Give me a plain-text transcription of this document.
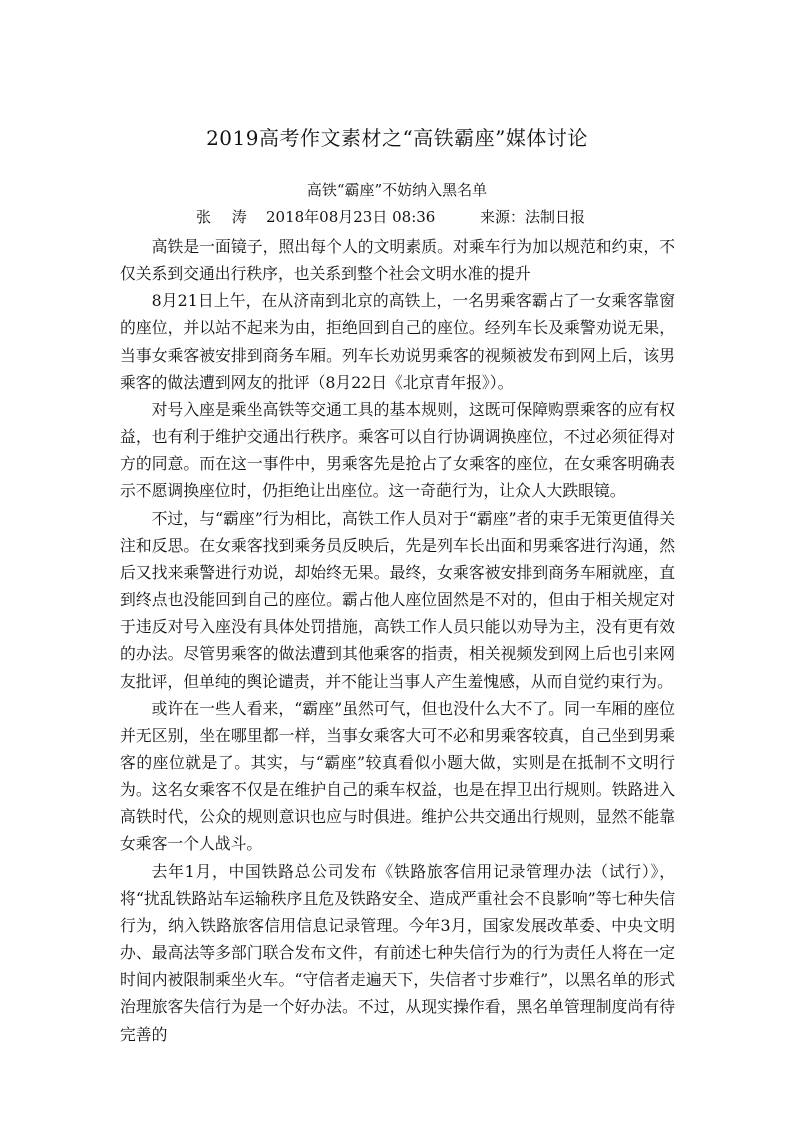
2019高考作文素材之“高铁霸座”媒体讨论
高铁“霸座”不妨纳入黑名单
张 涛 2018年08月23日 08:36	来源：法制日报

高铁是一面镜子，照出每个人的文明素质。对乘车行为加以规范和约束，不仅关系到交通出行秩序，也关系到整个社会文明水准的提升

8月21日上午，在从济南到北京的高铁上，一名男乘客霸占了一女乘客靠窗的座位，并以站不起来为由，拒绝回到自己的座位。经列车长及乘警劝说无果，当事女乘客被安排到商务车厢。列车长劝说男乘客的视频被发布到网上后，该男乘客的做法遭到网友的批评（8月22日《北京青年报》）。

对号入座是乘坐高铁等交通工具的基本规则，这既可保障购票乘客的应有权益，也有利于维护交通出行秩序。乘客可以自行协调调换座位，不过必须征得对方的同意。而在这一事件中，男乘客先是抢占了女乘客的座位，在女乘客明确表示不愿调换座位时，仍拒绝让出座位。这一奇葩行为，让众人大跌眼镜。

不过，与“霸座”行为相比，高铁工作人员对于“霸座”者的束手无策更值得关注和反思。在女乘客找到乘务员反映后，先是列车长出面和男乘客进行沟通，然后又找来乘警进行劝说，却始终无果。最终，女乘客被安排到商务车厢就座，直到终点也没能回到自己的座位。霸占他人座位固然是不对的，但由于相关规定对于违反对号入座没有具体处罚措施，高铁工作人员只能以劝导为主，没有更有效的办法。尽管男乘客的做法遭到其他乘客的指责，相关视频发到网上后也引来网友批评，但单纯的舆论谴责，并不能让当事人产生羞愧感，从而自觉约束行为。

或许在一些人看来，“霸座”虽然可气，但也没什么大不了。同一车厢的座位并无区别，坐在哪里都一样，当事女乘客大可不必和男乘客较真，自己坐到男乘客的座位就是了。其实，与“霸座”较真看似小题大做，实则是在抵制不文明行为。这名女乘客不仅是在维护自己的乘车权益，也是在捍卫出行规则。铁路进入高铁时代，公众的规则意识也应与时俱进。维护公共交通出行规则，显然不能靠女乘客一个人战斗。

去年1月，中国铁路总公司发布《铁路旅客信用记录管理办法（试行）》，将“扰乱铁路站车运输秩序且危及铁路安全、造成严重社会不良影响”等七种失信行为，纳入铁路旅客信用信息记录管理。今年3月，国家发展改革委、中央文明办、最高法等多部门联合发布文件，有前述七种失信行为的行为责任人将在一定时间内被限制乘坐火车。“守信者走遍天下，失信者寸步难行”，以黑名单的形式治理旅客失信行为是一个好办法。不过，从现实操作看，黑名单管理制度尚有待完善的
